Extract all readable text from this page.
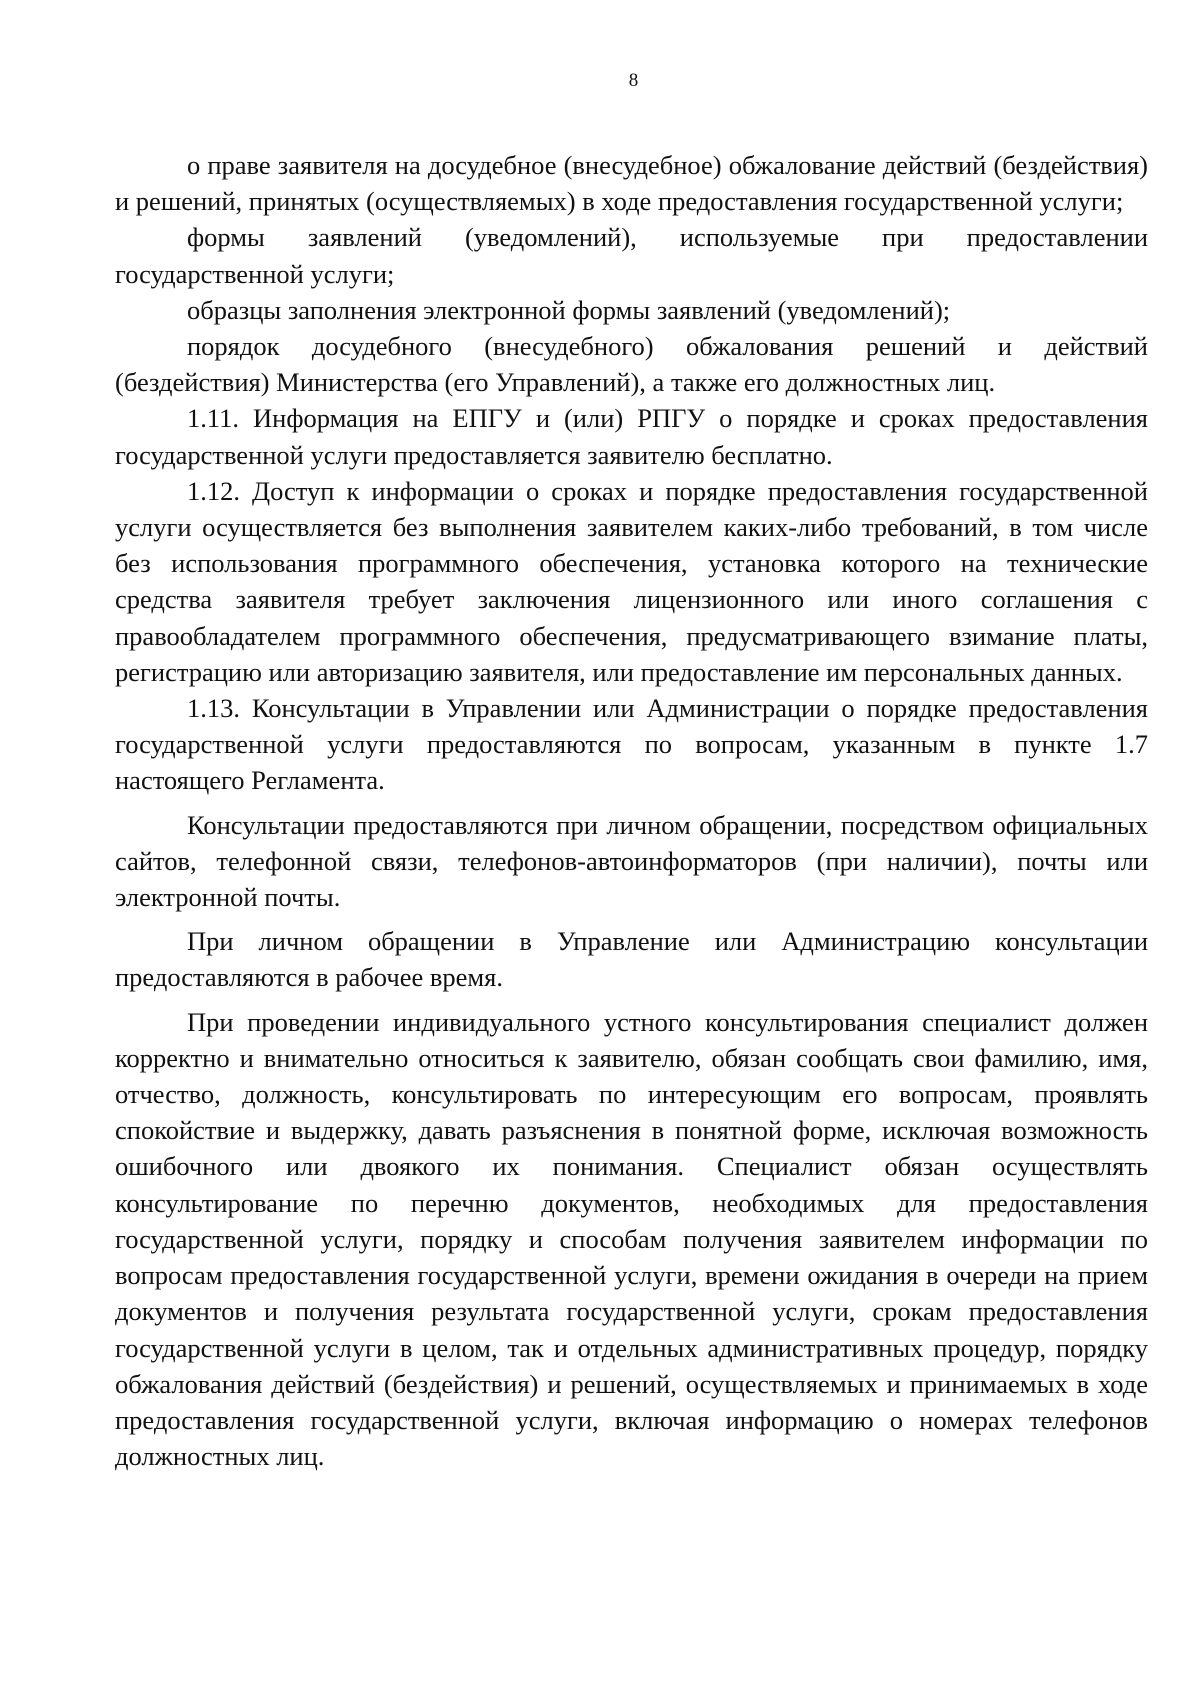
8

о праве заявителя на досудебное (внесудебное) обжалование действий (бездействия) и решений, принятых (осуществляемых) в ходе предоставления государственной услуги;

формы заявлений (уведомлений), используемые при предоставлении государственной услуги;

образцы заполнения электронной формы заявлений (уведомлений);

порядок досудебного (внесудебного) обжалования решений и действий (бездействия) Министерства (его Управлений), а также его должностных лиц.

1.11. Информация на ЕПГУ и (или) РПГУ о порядке и сроках предоставления государственной услуги предоставляется заявителю бесплатно.

1.12. Доступ к информации о сроках и порядке предоставления государственной услуги осуществляется без выполнения заявителем каких-либо требований, в том числе без использования программного обеспечения, установка которого на технические средства заявителя требует заключения лицензионного или иного соглашения с правообладателем программного обеспечения, предусматривающего взимание платы, регистрацию или авторизацию заявителя, или предоставление им персональных данных.

1.13. Консультации в Управлении или Администрации о порядке предоставления государственной услуги предоставляются по вопросам, указанным в пункте 1.7 настоящего Регламента.

Консультации предоставляются при личном обращении, посредством официальных сайтов, телефонной связи, телефонов-автоинформаторов (при наличии), почты или электронной почты.

При личном обращении в Управление или Администрацию консультации предоставляются в рабочее время.

При проведении индивидуального устного консультирования специалист должен корректно и внимательно относиться к заявителю, обязан сообщать свои фамилию, имя, отчество, должность, консультировать по интересующим его вопросам, проявлять спокойствие и выдержку, давать разъяснения в понятной форме, исключая возможность ошибочного или двоякого их понимания. Специалист обязан осуществлять консультирование по перечню документов, необходимых для предоставления государственной услуги, порядку и способам получения заявителем информации по вопросам предоставления государственной услуги, времени ожидания в очереди на прием документов и получения результата государственной услуги, срокам предоставления государственной услуги в целом, так и отдельных административных процедур, порядку обжалования действий (бездействия) и решений, осуществляемых и принимаемых в ходе предоставления государственной услуги, включая информацию о номерах телефонов должностных лиц.
